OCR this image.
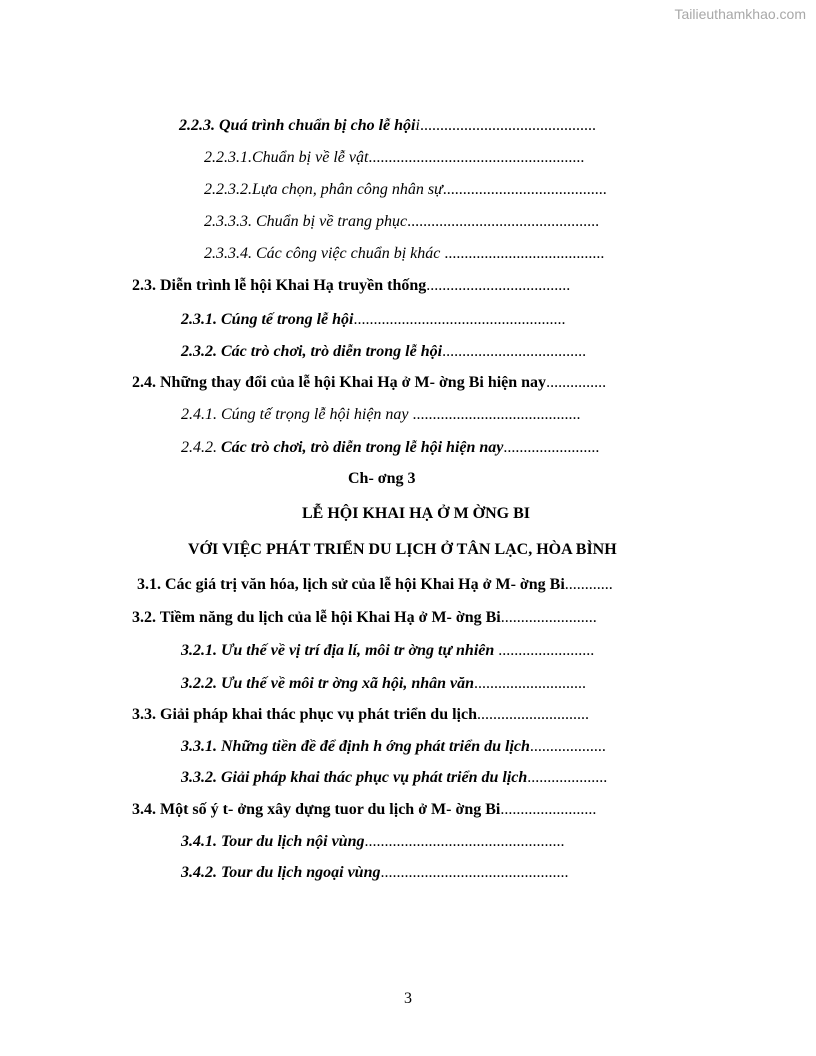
Tailieuthamkhao.com
2.2.3. Quá trình chuẩn bị cho lễ hộii............................................
2.2.3.1.Chuẩn bị về lễ vật......................................................
2.2.3.2.Lựa chọn, phân công nhân sự.........................................
2.3.3.3. Chuẩn bị về trang phục................................................
2.3.3.4. Các công việc chuẩn bị khác ........................................
2.3. Diễn trình lễ hội Khai Hạ truyền thống....................................
2.3.1. Cúng tế trong lễ hội.....................................................
2.3.2. Các trò chơi, trò diễn trong lễ hội....................................
2.4. Những thay đổi của lễ hội Khai Hạ ở M- ờng Bi hiện nay...............
2.4.1. Cúng tế trọng lễ hội hiện nay ..........................................
2.4.2. Các trò chơi, trò diễn trong lễ hội hiện nay........................
Ch- ơng 3
LỄ HỘI KHAI HẠ Ở M ỜNG BI
VỚI VIỆC PHÁT TRIỂN DU LỊCH Ở TÂN LẠC, HÒA BÌNH
3.1. Các giá trị văn hóa, lịch sử của lễ hội Khai Hạ ở M- ờng Bi............
3.2. Tiềm năng du lịch của lễ hội Khai Hạ ở M- ờng Bi........................
3.2.1. Ưu thế về vị trí địa lí, môi tr ờng tự nhiên ........................
3.2.2. Ưu thế về môi tr ờng xã hội, nhân văn............................
3.3. Giải pháp khai thác phục vụ phát triển du lịch............................
3.3.1. Những tiền đề để định h ớng phát triển du lịch...................
3.3.2. Giải pháp khai thác phục vụ phát triển du lịch....................
3.4. Một số ý t- ởng xây dựng tuor du lịch ở M- ờng Bi........................
3.4.1. Tour du lịch nội vùng..................................................
3.4.2. Tour du lịch ngoại vùng...............................................
3
